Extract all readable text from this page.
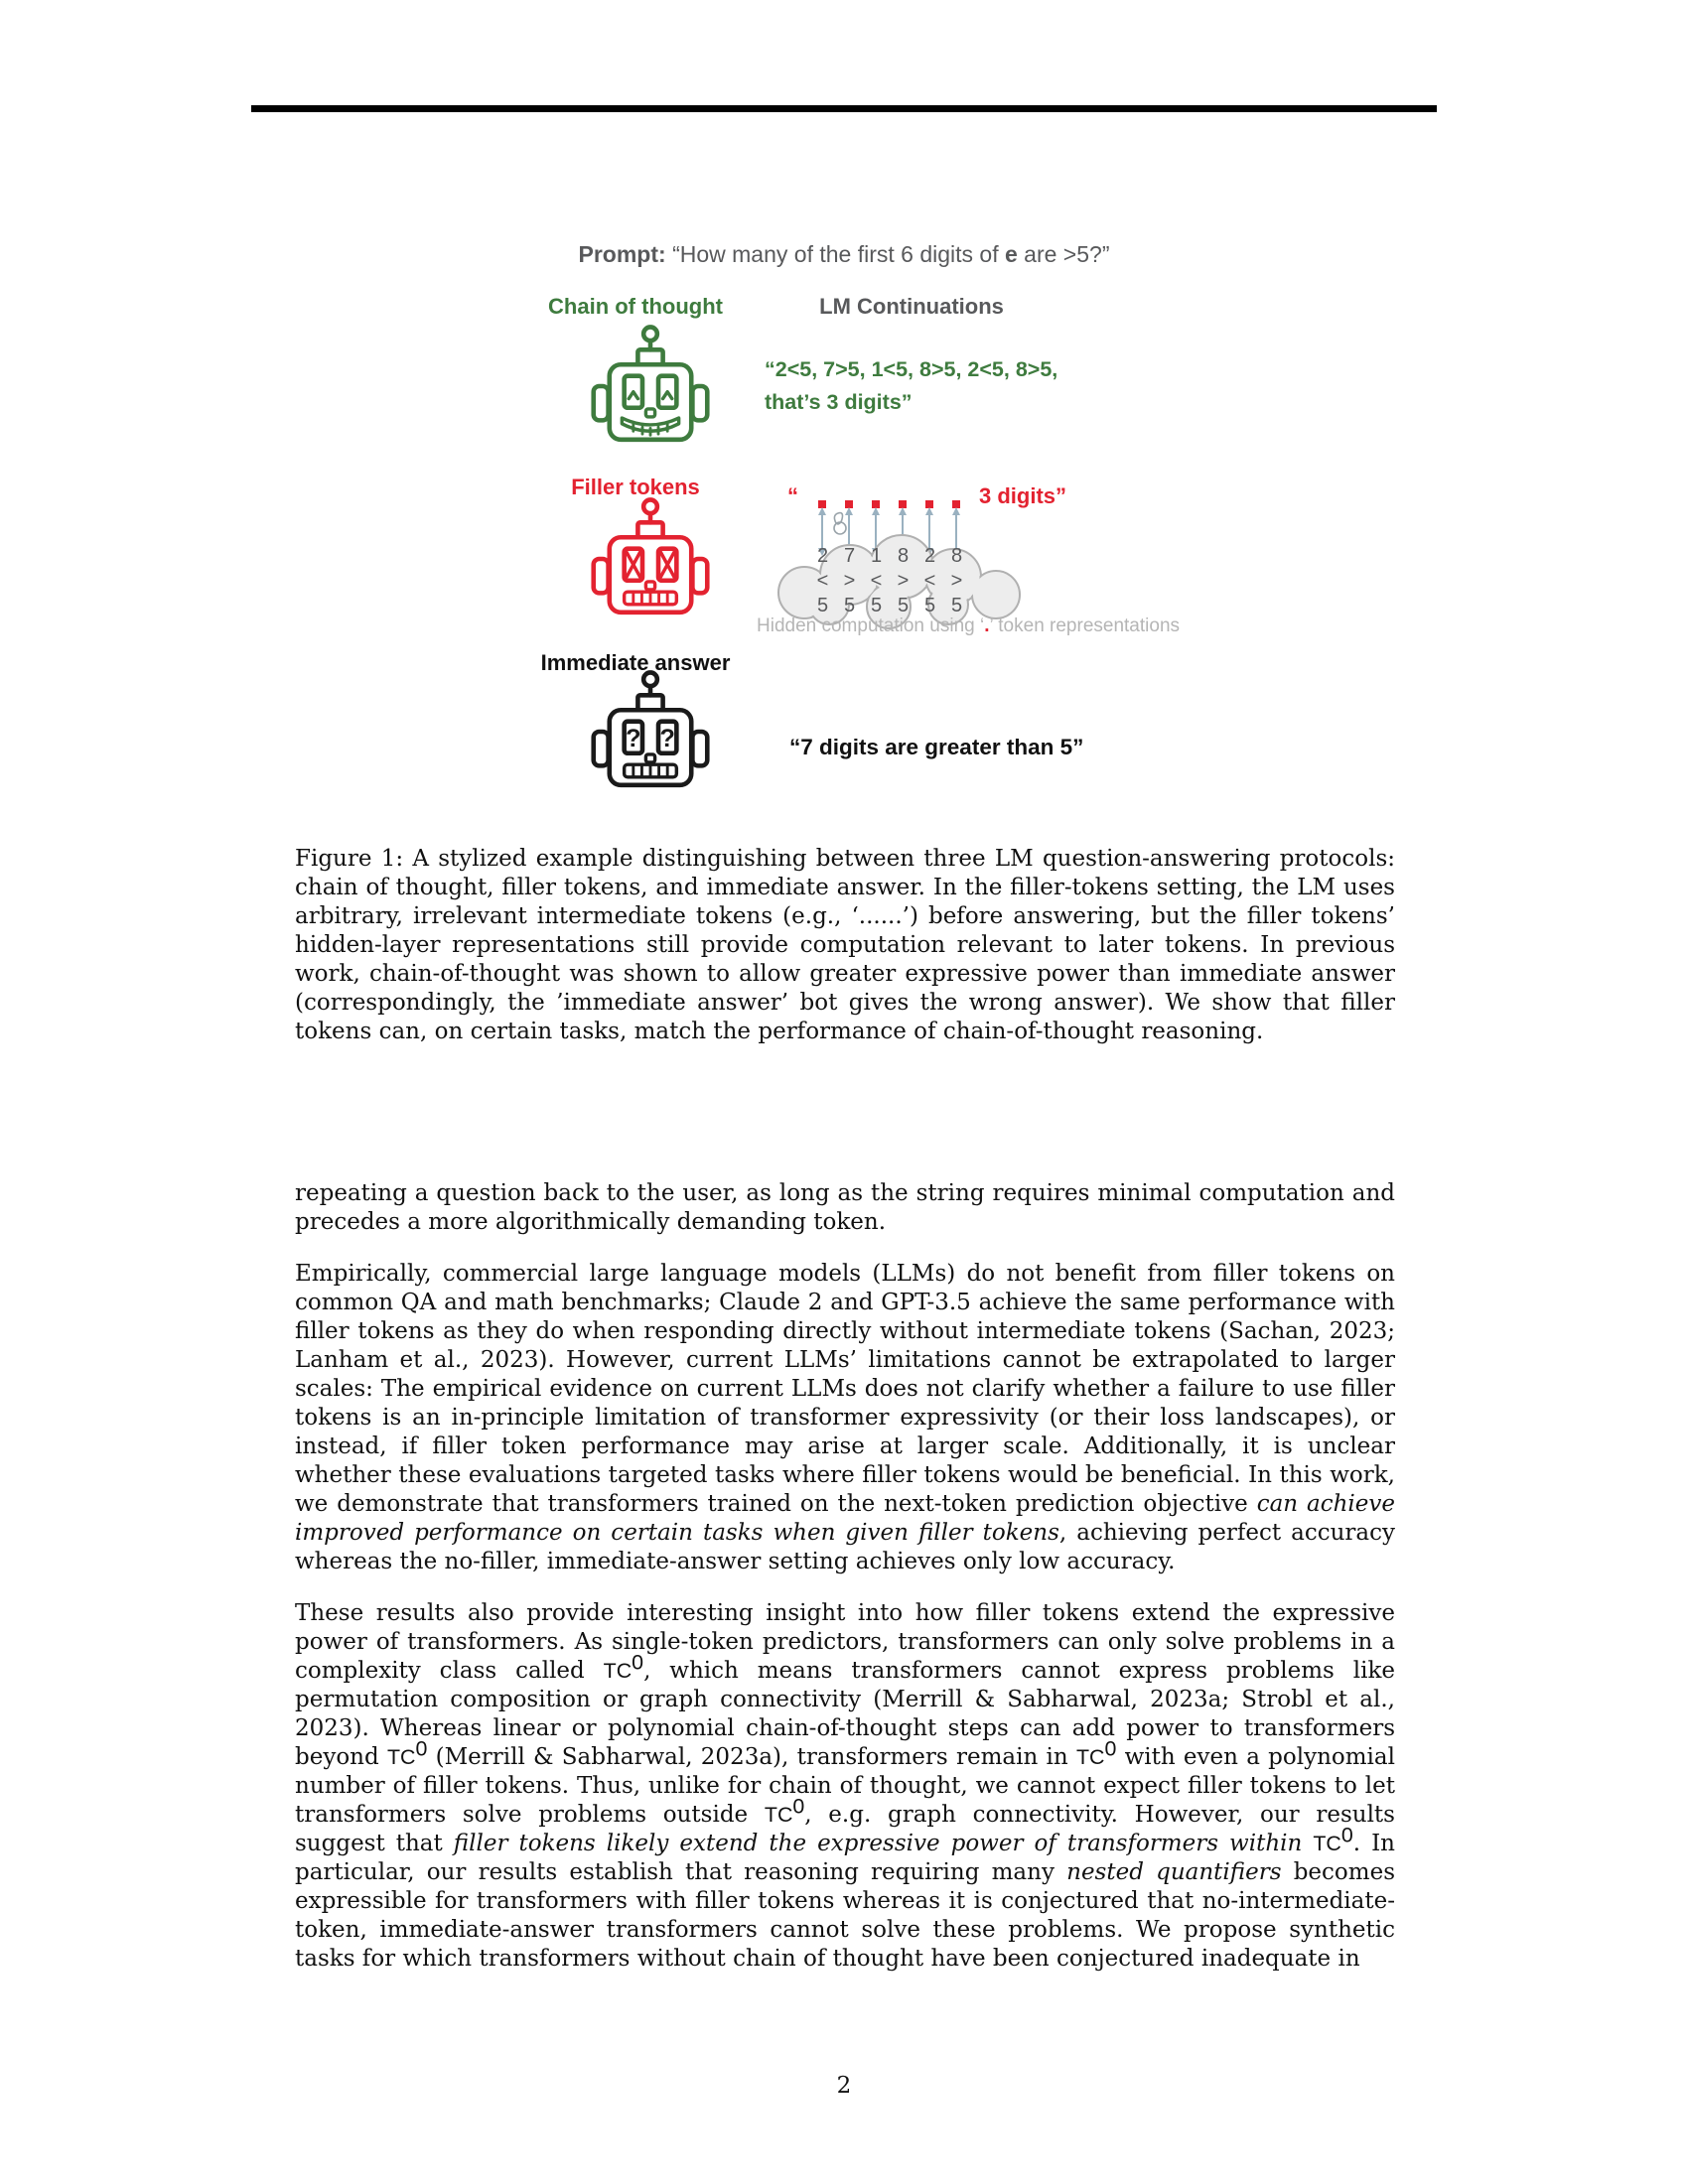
Prompt: “How many of the first 6 digits of e are >5?”
Chain of thought	LM Continuations
“2<5, 7>5, 1<5, 8>5, 2<5, 8>5,
that’s 3 digits”
Filler tokens	“	3 digits”
2 7 1 8 2 8
< > < > < >
5 5 5 5 5 5
Hidden computation using ‘.’ token representations
Immediate answer
? ?	“7 digits are greater than 5”
Figure 1: A stylized example distinguishing between three LM question-answering protocols: chain of thought, filler tokens, and immediate answer. In the filler-tokens setting, the LM uses arbitrary, irrelevant intermediate tokens (e.g., ‘......’) before answering, but the filler tokens’ hidden-layer representations still provide computation relevant to later tokens. In previous work, chain-of-thought was shown to allow greater expressive power than immediate answer (correspondingly, the ’immediate answer’ bot gives the wrong answer). We show that filler tokens can, on certain tasks, match the performance of chain-of-thought reasoning.

repeating a question back to the user, as long as the string requires minimal computation and precedes a more algorithmically demanding token.

Empirically, commercial large language models (LLMs) do not benefit from filler tokens on common QA and math benchmarks; Claude 2 and GPT-3.5 achieve the same performance with filler tokens as they do when responding directly without intermediate tokens (Sachan, 2023; Lanham et al., 2023). However, current LLMs’ limitations cannot be extrapolated to larger scales: The empirical evidence on current LLMs does not clarify whether a failure to use filler tokens is an in-principle limitation of transformer expressivity (or their loss landscapes), or instead, if filler token performance may arise at larger scale. Additionally, it is unclear whether these evaluations targeted tasks where filler tokens would be beneficial. In this work, we demonstrate that transformers trained on the next-token prediction objective can achieve improved performance on certain tasks when given filler tokens, achieving perfect accuracy whereas the no-filler, immediate-answer setting achieves only low accuracy.

These results also provide interesting insight into how filler tokens extend the expressive power of transformers. As single-token predictors, transformers can only solve problems in a complexity class called $TC^0$, which means transformers cannot express problems like permutation composition or graph connectivity (Merrill & Sabharwal, 2023a; Strobl et al., 2023). Whereas linear or polynomial chain-of-thought steps can add power to transformers beyond $TC^0$ (Merrill & Sabharwal, 2023a), transformers remain in $TC^0$ with even a polynomial number of filler tokens. Thus, unlike for chain of thought, we cannot expect filler tokens to let transformers solve problems outside $TC^0$, e.g. graph connectivity. However, our results suggest that filler tokens likely extend the expressive power of transformers within $TC^0$. In particular, our results establish that reasoning requiring many nested quantifiers becomes expressible for transformers with filler tokens whereas it is conjectured that no-intermediate-token, immediate-answer transformers cannot solve these problems. We propose synthetic tasks for which transformers without chain of thought have been conjectured inadequate in

2
